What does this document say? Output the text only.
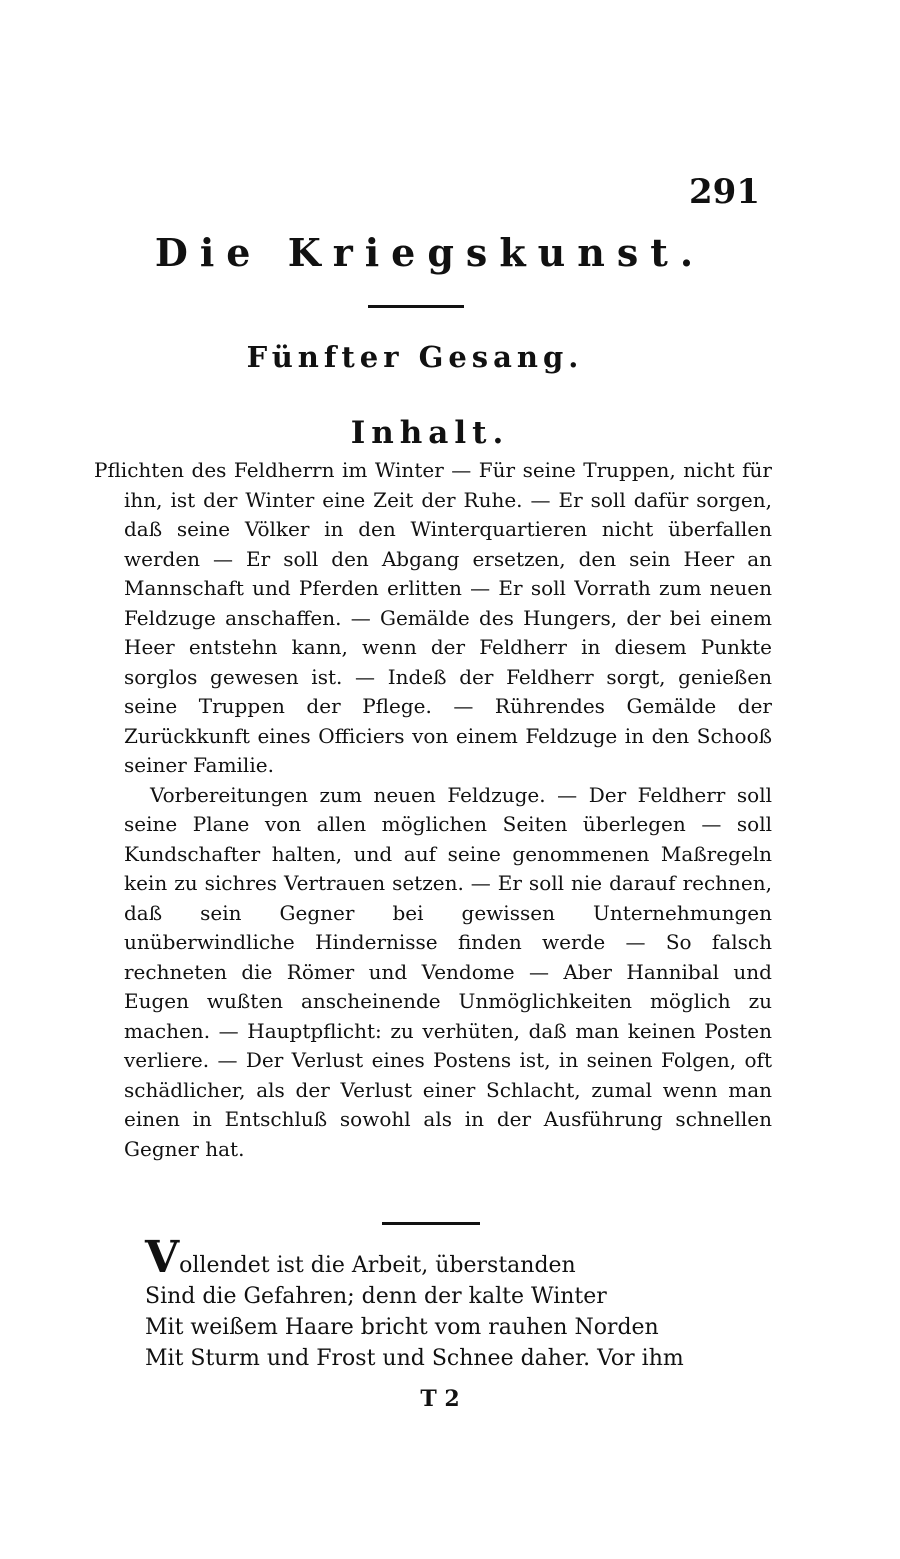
291
Die Kriegskunst.
Fünfter Gesang.
Inhalt.

Pflichten des Feldherrn im Winter — Für seine Truppen, nicht für ihn, ist der Winter eine Zeit der Ruhe. — Er soll dafür sorgen, daß seine Völker in den Winterquartieren nicht überfallen werden — Er soll den Abgang ersetzen, den sein Heer an Mannschaft und Pferden erlitten — Er soll Vorrath zum neuen Feldzuge anschaffen. — Gemälde des Hungers, der bei einem Heer entstehn kann, wenn der Feldherr in diesem Punkte sorglos gewesen ist. — Indeß der Feldherr sorgt, genießen seine Truppen der Pflege. — Rührendes Gemälde der Zurückkunft eines Officiers von einem Feldzuge in den Schooß seiner Familie.

Vorbereitungen zum neuen Feldzuge. — Der Feldherr soll seine Plane von allen möglichen Seiten überlegen — soll Kundschafter halten, und auf seine genommenen Maßregeln kein zu sichres Vertrauen setzen. — Er soll nie darauf rechnen, daß sein Gegner bei gewissen Unternehmungen unüberwindliche Hindernisse finden werde — So falsch rechneten die Römer und Vendome — Aber Hannibal und Eugen wußten anscheinende Unmöglichkeiten möglich zu machen. — Hauptpflicht: zu verhüten, daß man keinen Posten verliere. — Der Verlust eines Postens ist, in seinen Folgen, oft schädlicher, als der Verlust einer Schlacht, zumal wenn man einen in Entschluß sowohl als in der Ausführung schnellen Gegner hat.

Vollendet ist die Arbeit, überstanden
Sind die Gefahren; denn der kalte Winter
Mit weißem Haare bricht vom rauhen Norden
Mit Sturm und Frost und Schnee daher. Vor ihm
T 2
